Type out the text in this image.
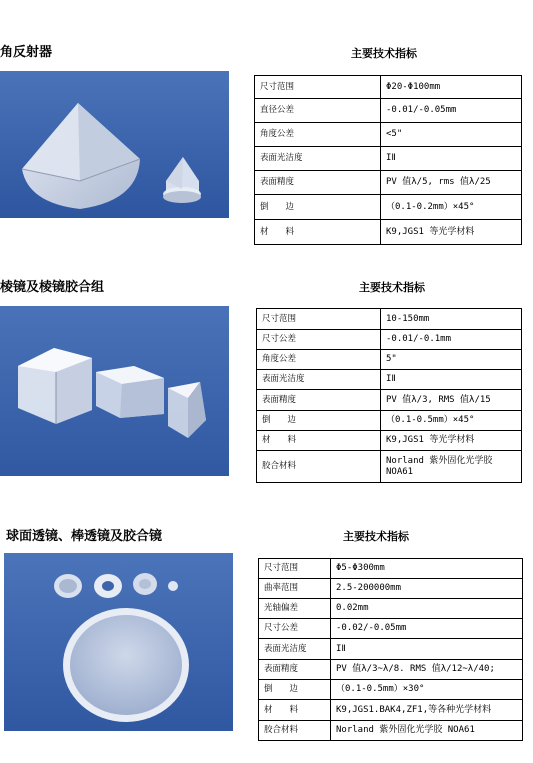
角反射器	主要技术指标
尺寸范围	Φ20-Φ100mm
直径公差	-0.01/-0.05mm
角度公差	<5"
表面光洁度	IⅡ
表面精度	PV 值λ/5, rms 值λ/25
倒　　边	（0.1-0.2mm）×45°
材　　料	K9,JGS1 等光学材料
棱镜及棱镜胶合组	主要技术指标
尺寸范围	10-150mm
尺寸公差	-0.01/-0.1mm
角度公差	5"
表面光洁度	IⅡ
表面精度	PV 值λ/3, RMS 值λ/15
倒　　边	（0.1-0.5mm）×45°
材　　料	K9,JGS1 等光学材料
胶合材料	Norland 紫外固化光学胶
NOA61
球面透镜、棒透镜及胶合镜	主要技术指标
尺寸范围	Φ5-Φ300mm
曲率范围	2.5-200000mm
光轴偏差	0.02mm
尺寸公差	-0.02/-0.05mm
表面光洁度	IⅡ
表面精度	PV 值λ/3~λ/8. RMS 值λ/12~λ/40;
倒　　边	（0.1-0.5mm）×30°
材　　料	K9,JGS1.BAK4,ZF1,等各种光学材料
胶合材料	Norland 紫外固化光学胶 NOA61
